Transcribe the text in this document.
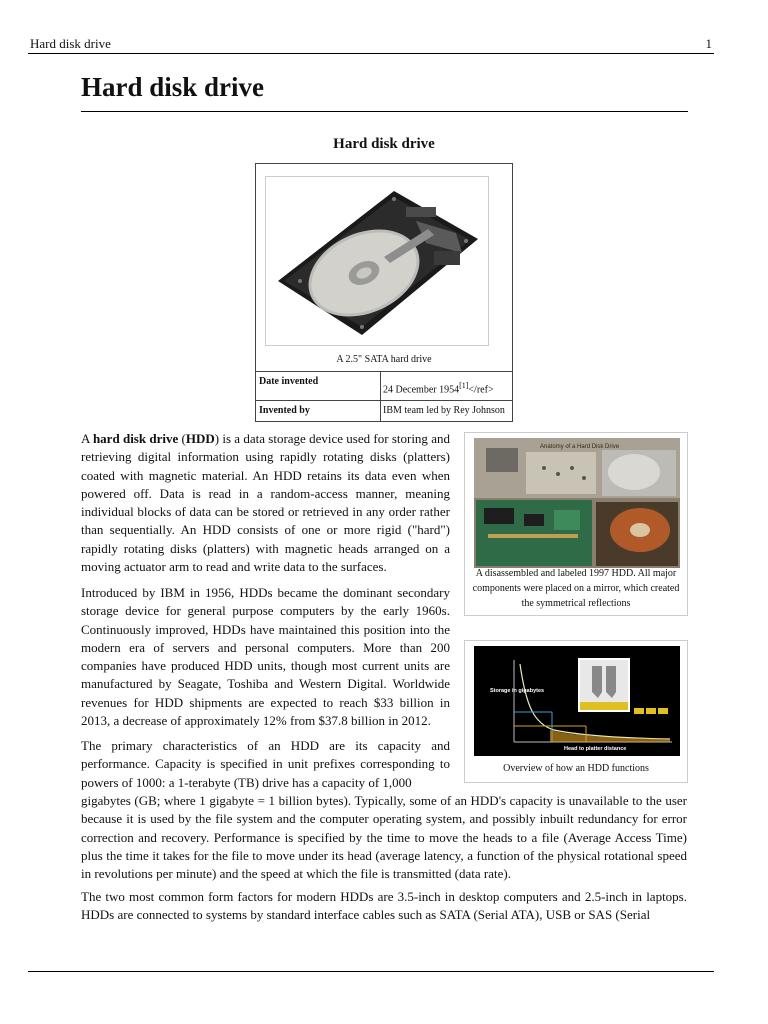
Hard disk drive	1
Hard disk drive
Hard disk drive
A 2.5" SATA hard drive
Date invented
24 December 1954[1]</ref>
Invented by	IBM team led by Rey Johnson

A hard disk drive (HDD) is a data storage device used for storing and retrieving digital information using rapidly rotating disks (platters) coated with magnetic material. An HDD retains its data even when powered off. Data is read in a random-access manner, meaning individual blocks of data can be stored or retrieved in any order rather than sequentially. An HDD consists of one or more rigid ("hard") rapidly rotating disks (platters) with magnetic heads arranged on a moving actuator arm to read and write data to the surfaces.

Introduced by IBM in 1956, HDDs became the dominant secondary storage device for general purpose computers by the early 1960s. Continuously improved, HDDs have maintained this position into the modern era of servers and personal computers. More than 200 companies have produced HDD units, though most current units are manufactured by Seagate, Toshiba and Western Digital. Worldwide revenues for HDD shipments are expected to reach $33 billion in 2013, a decrease of approximately 12% from $37.8 billion in 2012.

The primary characteristics of an HDD are its capacity and performance. Capacity is specified in unit prefixes corresponding to powers of 1000: a 1-terabyte (TB) drive has a capacity of 1,000

gigabytes (GB; where 1 gigabyte = 1 billion bytes). Typically, some of an HDD's capacity is unavailable to the user because it is used by the file system and the computer operating system, and possibly inbuilt redundancy for error correction and recovery. Performance is specified by the time to move the heads to a file (Average Access Time) plus the time it takes for the file to move under its head (average latency, a function of the physical rotational speed in revolutions per minute) and the speed at which the file is transmitted (data rate).

The two most common form factors for modern HDDs are 3.5-inch in desktop computers and 2.5-inch in laptops. HDDs are connected to systems by standard interface cables such as SATA (Serial ATA), USB or SAS (Serial

Anatomy of a Hard Disk Drive
A disassembled and labeled 1997 HDD. All major components were placed on a mirror, which created the symmetrical reflections
Storage in gigabytes
Head to platter distance
Overview of how an HDD functions
